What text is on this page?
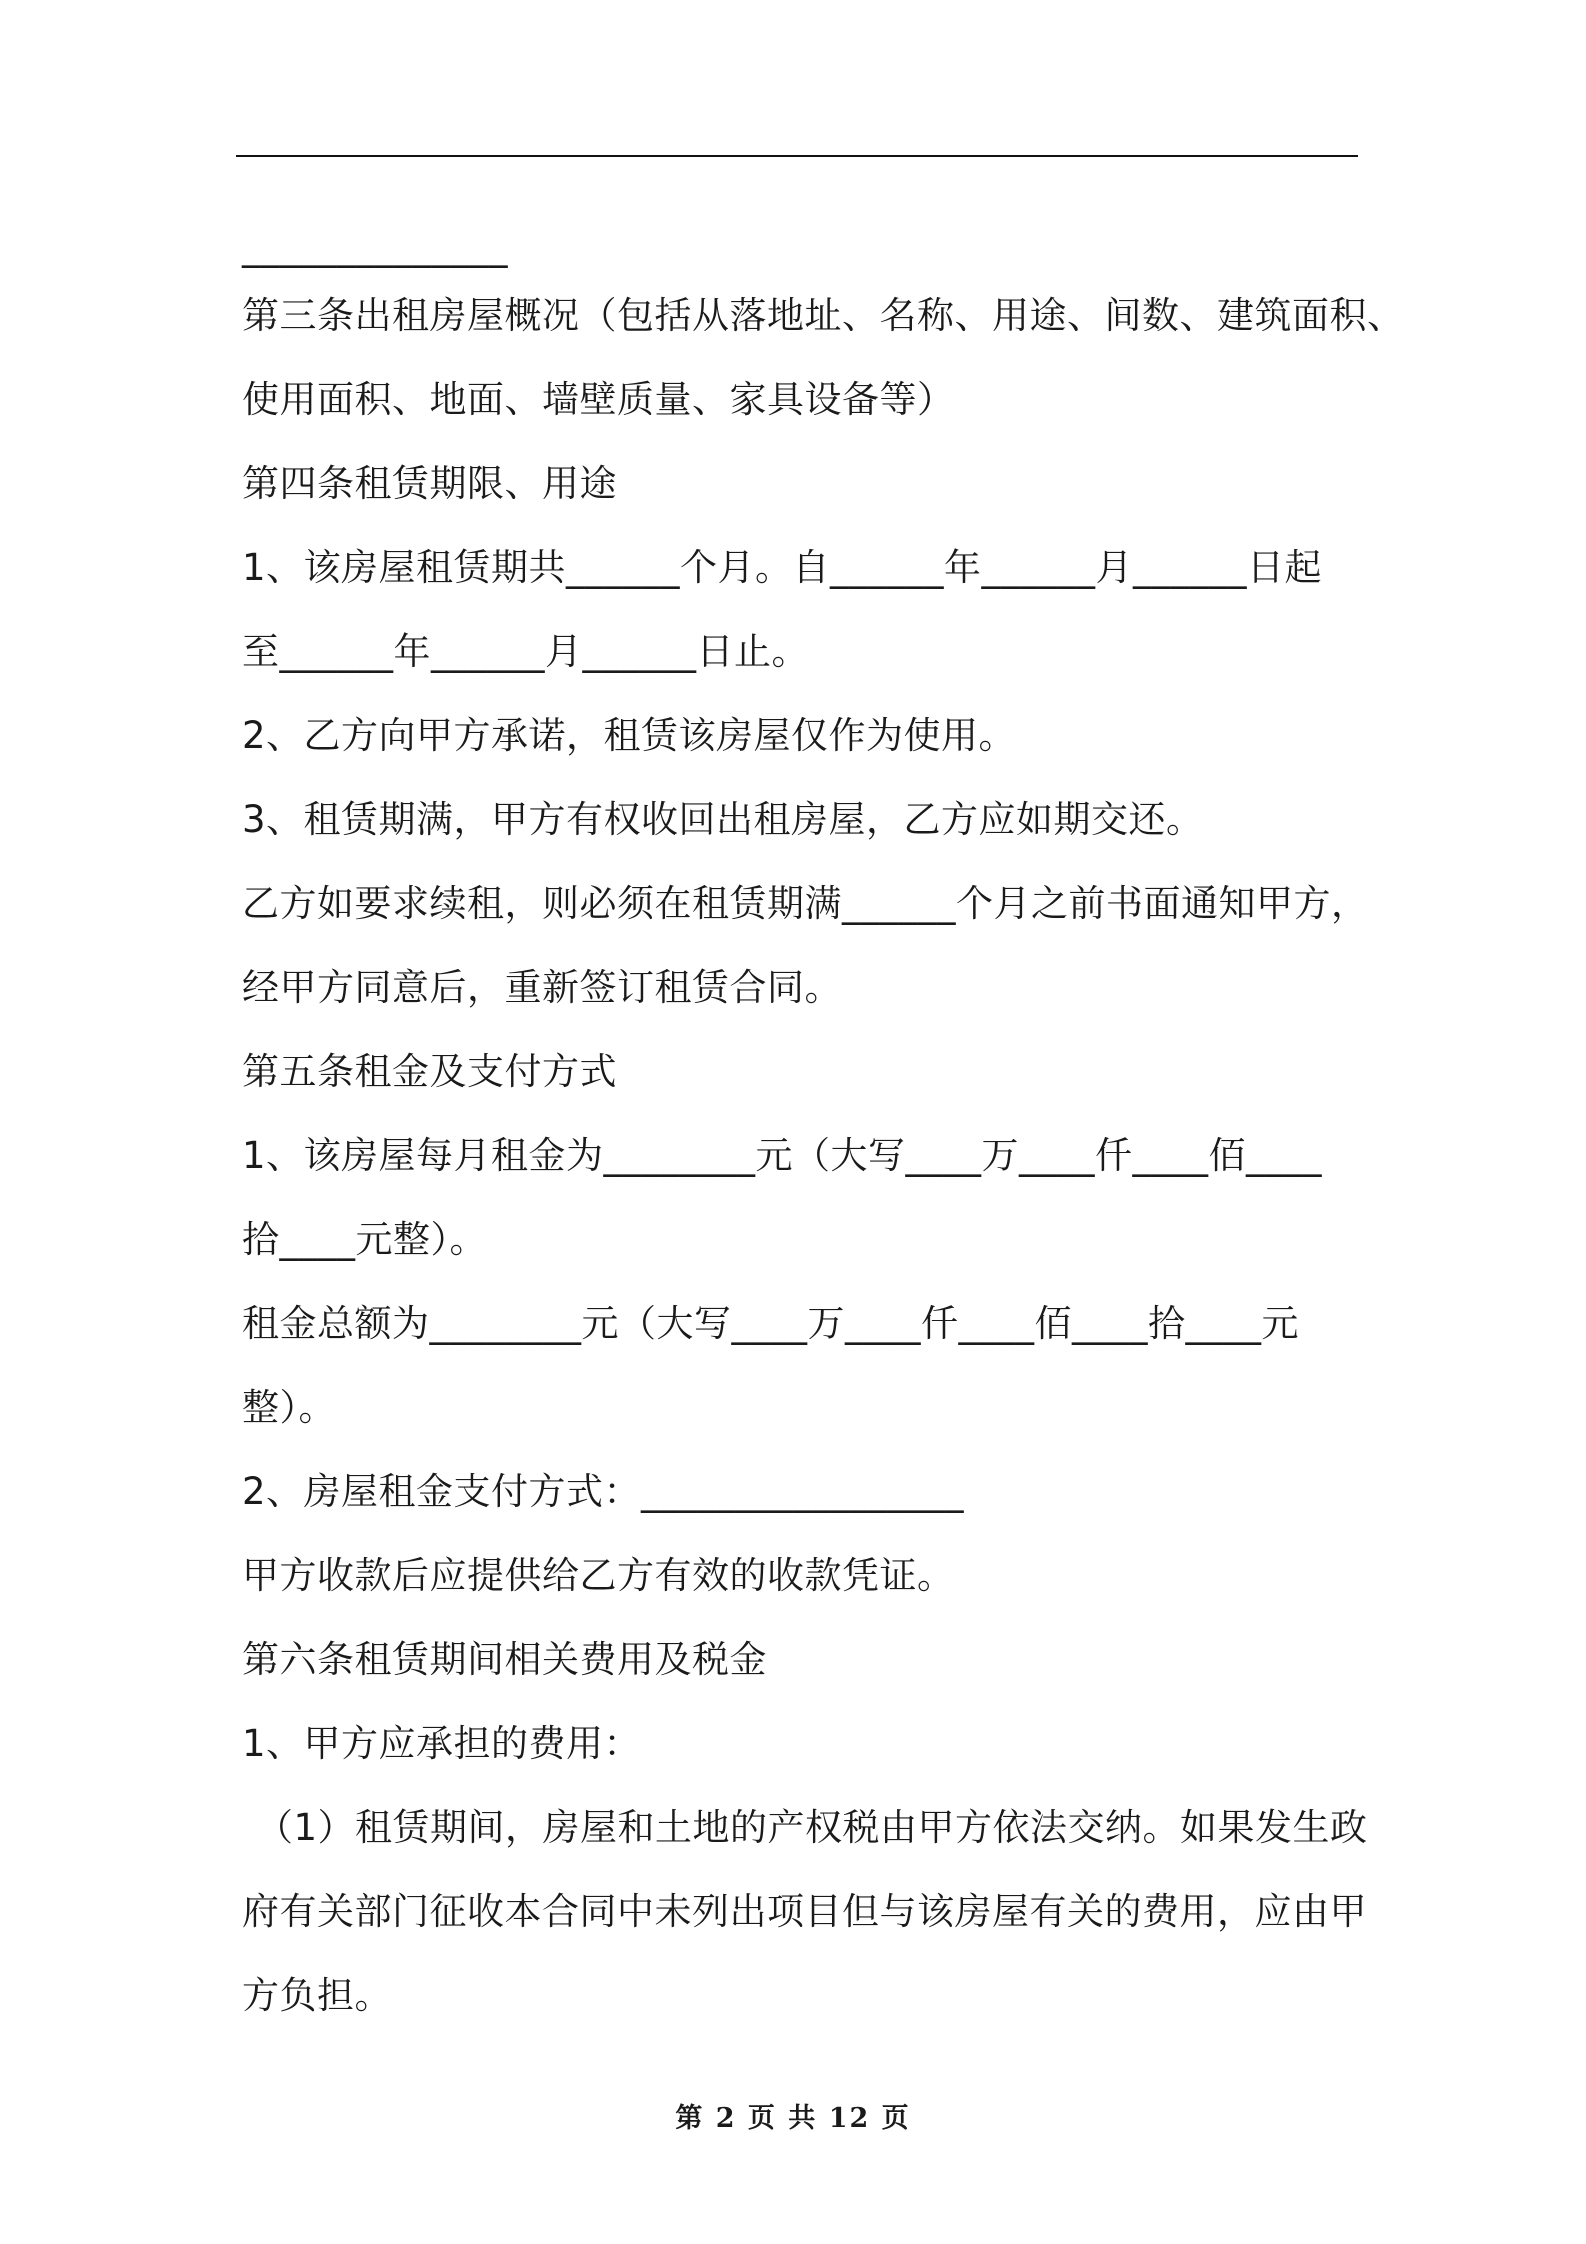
______________
第三条出租房屋概况（包括从落地址、名称、用途、间数、建筑面积、
使用面积、地面、墙壁质量、家具设备等）
第四条租赁期限、用途
1、该房屋租赁期共______个月。自______年______月______日起
至______年______月______日止。
2、乙方向甲方承诺，租赁该房屋仅作为使用。
3、租赁期满，甲方有权收回出租房屋，乙方应如期交还。
乙方如要求续租，则必须在租赁期满______个月之前书面通知甲方，
经甲方同意后，重新签订租赁合同。
第五条租金及支付方式
1、该房屋每月租金为________元（大写____万____仟____佰____
拾____元整）。
租金总额为________元（大写____万____仟____佰____拾____元
整）。
2、房屋租金支付方式：_________________
甲方收款后应提供给乙方有效的收款凭证。
第六条租赁期间相关费用及税金
1、甲方应承担的费用：
（1）租赁期间，房屋和土地的产权税由甲方依法交纳。如果发生政
府有关部门征收本合同中未列出项目但与该房屋有关的费用，应由甲
方负担。
第 2 页 共 12 页
